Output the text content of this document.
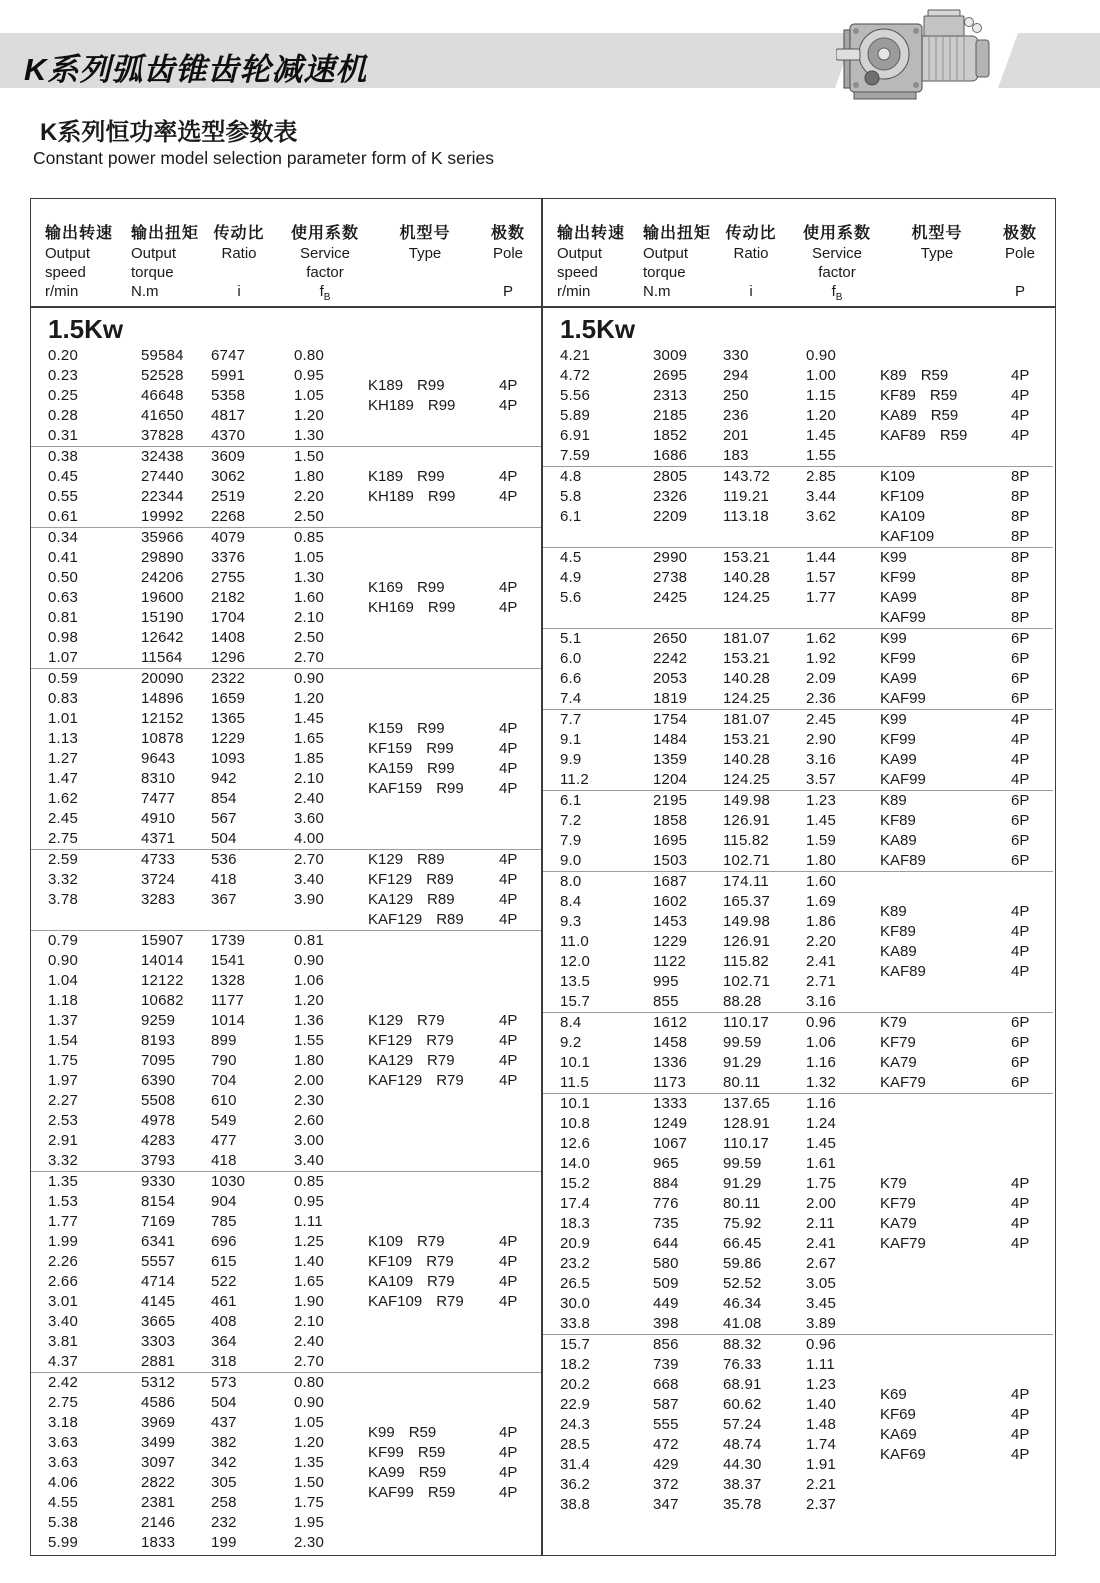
K系列弧齿锥齿轮减速机
K系列恒功率选型参数表
Constant power model selection parameter form of K series
输出转速
Output
speed
r/min
输出扭矩
Output
torque
N.m
传动比
Ratio
i
使用系数
Service
factor
$f_B$
机型号
Type
极数
Pole
P
输出转速
Output
speed
r/min
输出扭矩
Output
torque
N.m
传动比
Ratio
i
使用系数
Service
factor
$f_B$
机型号
Type
极数
Pole
P
1.5Kw
0.20	59584 6747	0.80
0.23	52528 5991	0.95
0.25	46648 5358	1.05
0.28	41650 4817	1.20
0.31	37828 4370	1.30
K189 R99	4P
KH189 R99	4P
0.38	32438 3609	1.50
0.45	27440 3062	1.80
0.55	22344 2519	2.20
0.61	19992 2268	2.50
K189 R99	4P
KH189 R99	4P
0.34	35966 4079	0.85
0.41	29890 3376	1.05
0.50	24206 2755	1.30
0.63	19600 2182	1.60
0.81	15190 1704	2.10
0.98	12642 1408	2.50
1.07	11564 1296	2.70
K169 R99	4P
KH169 R99	4P
0.59	20090 2322	0.90
0.83	14896 1659	1.20
1.01	12152 1365	1.45
1.13	10878 1229	1.65
1.27	9643 1093	1.85
1.47	8310 942	2.10
1.62	7477 854	2.40
2.45	4910 567	3.60
2.75	4371 504	4.00
K159 R99	4P
KF159 R99	4P
KA159 R99	4P
KAF159 R99 4P
2.59	4733 536	2.70
3.32	3724 418	3.40
3.78	3283 367	3.90
K129 R89	4P
KF129 R89	4P
KA129 R89	4P
KAF129 R89 4P
0.79	15907 1739	0.81
0.90	14014 1541	0.90
1.04	12122 1328	1.06
1.18	10682 1177	1.20
1.37	9259 1014	1.36
1.54	8193 899	1.55
1.75	7095 790	1.80
1.97	6390 704	2.00
2.27	5508 610	2.30
2.53	4978 549	2.60
2.91	4283 477	3.00
3.32	3793 418	3.40
K129 R79	4P
KF129 R79	4P
KA129 R79	4P
KAF129 R79 4P
1.35	9330 1030	0.85
1.53	8154 904	0.95
1.77	7169 785	1.11
1.99	6341 696	1.25
2.26	5557 615	1.40
2.66	4714 522	1.65
3.01	4145 461	1.90
3.40	3665 408	2.10
3.81	3303 364	2.40
4.37	2881 318	2.70
K109 R79	4P
KF109 R79	4P
KA109 R79	4P
KAF109 R79 4P
2.42	5312 573	0.80
2.75	4586 504	0.90
3.18	3969 437	1.05
3.63	3499 382	1.20
3.63	3097 342	1.35
4.06	2822 305	1.50
4.55	2381 258	1.75
5.38	2146 232	1.95
5.99	1833 199	2.30
K99 R59	4P
KF99 R59	4P
KA99 R59	4P
KAF99 R59	4P
1.5Kw
4.21	3009 330	0.90
4.72	2695 294	1.00
5.56	2313 250	1.15
5.89	2185 236	1.20
6.91	1852 201	1.45
7.59	1686 183	1.55
K89 R59	4P
KF89 R59	4P
KA89 R59	4P
KAF89 R59	4P
4.8	2805 143.72 2.85
5.8	2326 119.21 3.44
6.1	2209 113.18 3.62
K109	8P
KF109	8P
KA109	8P
KAF109	8P
4.5	2990 153.21 1.44
4.9	2738 140.28 1.57
5.6	2425 124.25 1.77
K99	8P
KF99	8P
KA99	8P
KAF99	8P
5.1	2650 181.07 1.62
6.0	2242 153.21 1.92
6.6	2053 140.28 2.09
7.4	1819 124.25 2.36
K99	6P
KF99	6P
KA99	6P
KAF99	6P
7.7	1754 181.07 2.45
9.1	1484 153.21 2.90
9.9	1359 140.28 3.16
11.2	1204 124.25 3.57
K99	4P
KF99	4P
KA99	4P
KAF99	4P
6.1	2195 149.98 1.23
7.2	1858 126.91 1.45
7.9	1695 115.82 1.59
9.0	1503 102.71 1.80
K89	6P
KF89	6P
KA89	6P
KAF89	6P
8.0	1687 174.11 1.60
8.4	1602 165.37 1.69
9.3	1453 149.98 1.86
11.0	1229 126.91 2.20
12.0	1122 115.82 2.41
13.5	995	102.71 2.71
15.7	855	88.28	3.16
K89	4P
KF89	4P
KA89	4P
KAF89	4P
8.4	1612 110.17 0.96
9.2	1458 99.59	1.06
10.1	1336 91.29	1.16
11.5	1173 80.11	1.32
K79	6P
KF79	6P
KA79	6P
KAF79	6P
10.1	1333 137.65 1.16
10.8	1249 128.91 1.24
12.6	1067 110.17 1.45
14.0	965	99.59	1.61
15.2	884	91.29	1.75
17.4	776	80.11	2.00
18.3	735	75.92	2.11
20.9	644	66.45	2.41
23.2	580	59.86	2.67
26.5	509	52.52	3.05
30.0	449	46.34	3.45
33.8	398	41.08	3.89
K79	4P
KF79	4P
KA79	4P
KAF79	4P
15.7	856	88.32	0.96
18.2	739	76.33	1.11
20.2	668	68.91	1.23
22.9	587	60.62	1.40
24.3	555	57.24	1.48
28.5	472	48.74	1.74
31.4	429	44.30	1.91
36.2	372	38.37	2.21
38.8	347	35.78	2.37
K69	4P
KF69	4P
KA69	4P
KAF69	4P
